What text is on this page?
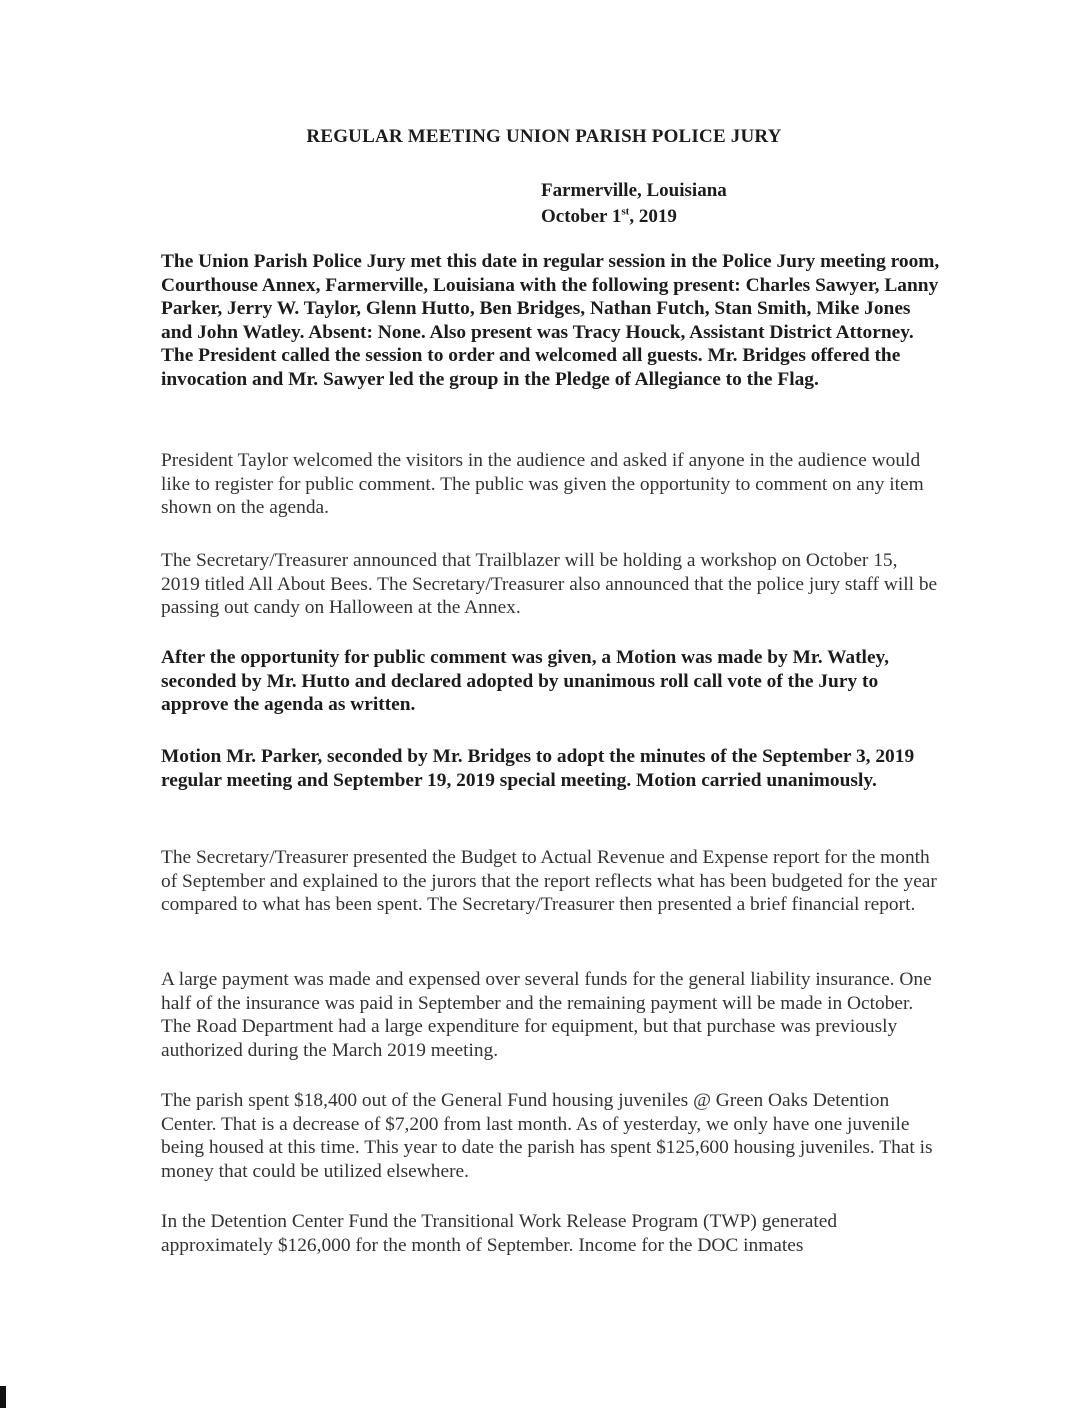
REGULAR MEETING UNION PARISH POLICE JURY
Farmerville, Louisiana
October 1st, 2019

The Union Parish Police Jury met this date in regular session in the Police Jury meeting room, Courthouse Annex, Farmerville, Louisiana with the following present: Charles Sawyer, Lanny Parker, Jerry W. Taylor, Glenn Hutto, Ben Bridges, Nathan Futch, Stan Smith, Mike Jones and John Watley. Absent: None. Also present was Tracy Houck, Assistant District Attorney. The President called the session to order and welcomed all guests. Mr. Bridges offered the invocation and Mr. Sawyer led the group in the Pledge of Allegiance to the Flag.

President Taylor welcomed the visitors in the audience and asked if anyone in the audience would like to register for public comment. The public was given the opportunity to comment on any item shown on the agenda.

The Secretary/Treasurer announced that Trailblazer will be holding a workshop on October 15, 2019 titled All About Bees. The Secretary/Treasurer also announced that the police jury staff will be passing out candy on Halloween at the Annex.

After the opportunity for public comment was given, a Motion was made by Mr. Watley, seconded by Mr. Hutto and declared adopted by unanimous roll call vote of the Jury to approve the agenda as written.

Motion Mr. Parker, seconded by Mr. Bridges to adopt the minutes of the September 3, 2019 regular meeting and September 19, 2019 special meeting. Motion carried unanimously.

The Secretary/Treasurer presented the Budget to Actual Revenue and Expense report for the month of September and explained to the jurors that the report reflects what has been budgeted for the year compared to what has been spent. The Secretary/Treasurer then presented a brief financial report.

A large payment was made and expensed over several funds for the general liability insurance. One half of the insurance was paid in September and the remaining payment will be made in October. The Road Department had a large expenditure for equipment, but that purchase was previously authorized during the March 2019 meeting.

The parish spent $18,400 out of the General Fund housing juveniles @ Green Oaks Detention Center. That is a decrease of $7,200 from last month. As of yesterday, we only have one juvenile being housed at this time. This year to date the parish has spent $125,600 housing juveniles. That is money that could be utilized elsewhere.

In the Detention Center Fund the Transitional Work Release Program (TWP) generated approximately $126,000 for the month of September. Income for the DOC inmates
